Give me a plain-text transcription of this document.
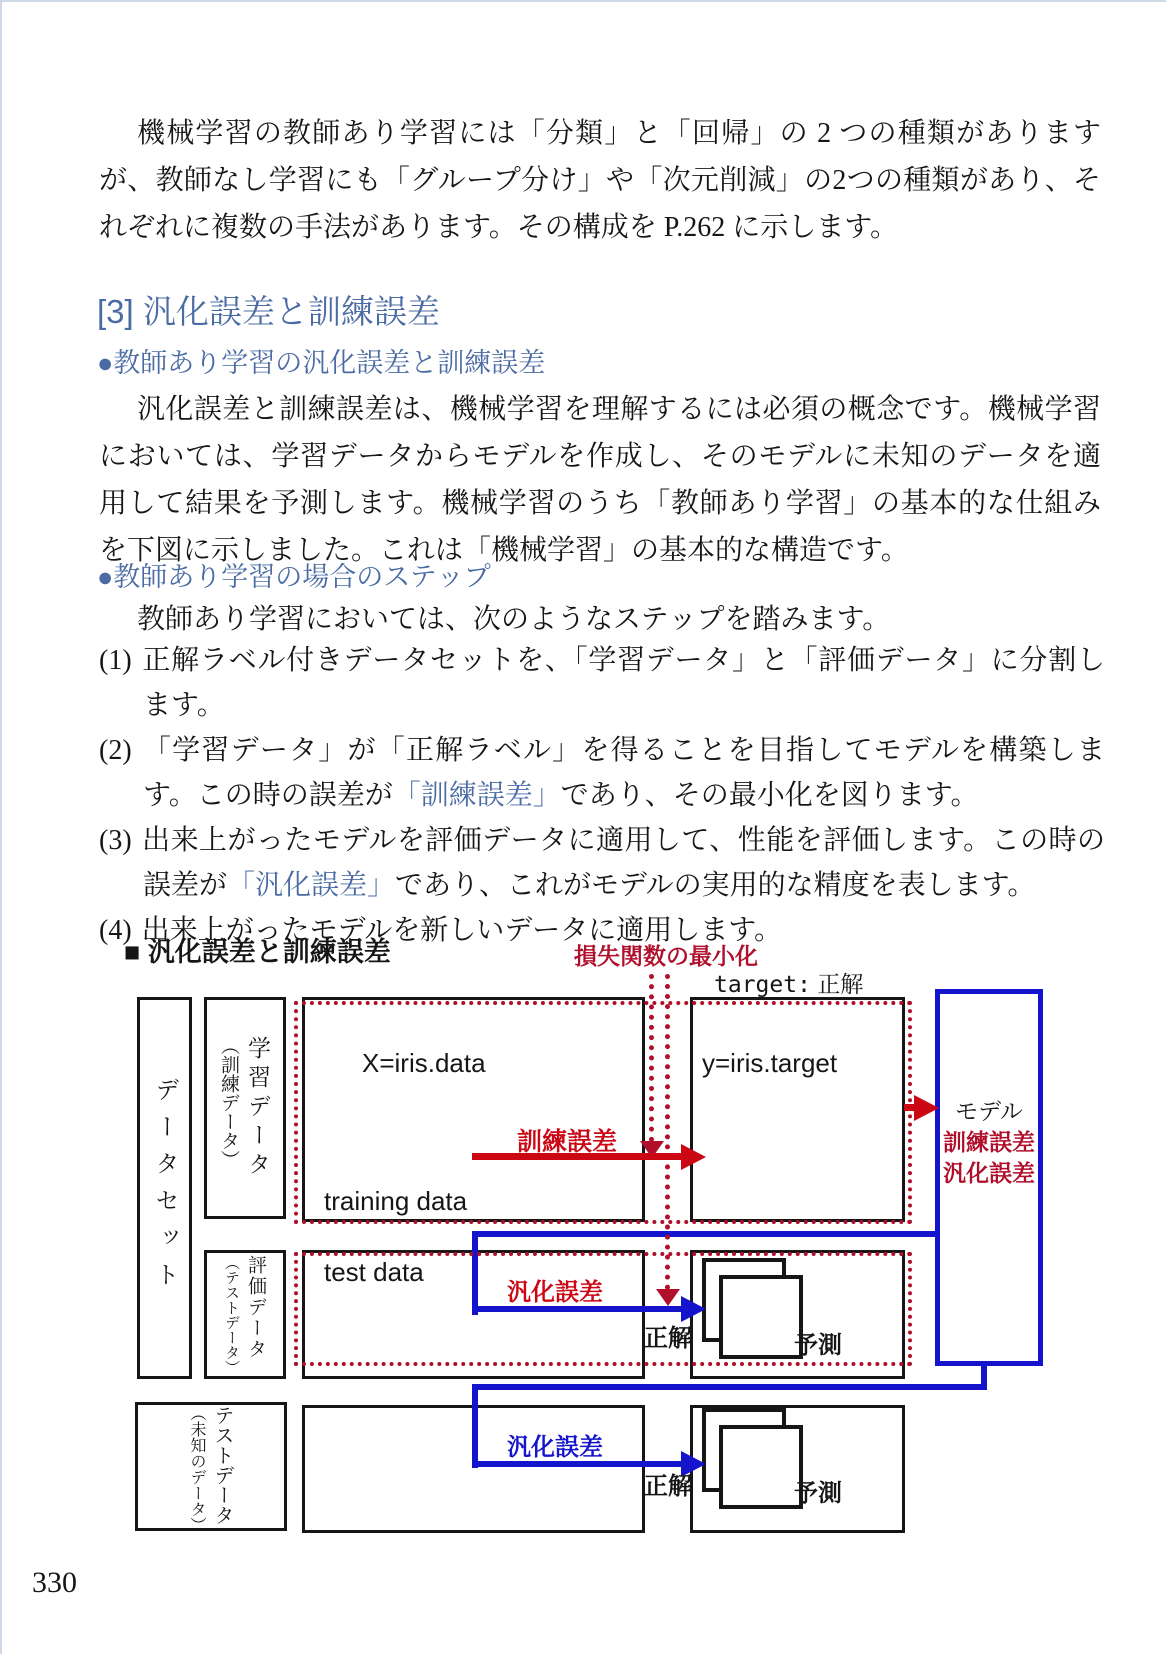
機械学習の教師あり学習には「分類」と「回帰」の 2 つの種類がありますが、教師なし学習にも「グループ分け」や「次元削減」の2つの種類があり、それぞれに複数の手法があります。その構成を P.262 に示します。
[3] 汎化誤差と訓練誤差
●教師あり学習の汎化誤差と訓練誤差
汎化誤差と訓練誤差は、機械学習を理解するには必須の概念です。機械学習においては、学習データからモデルを作成し、そのモデルに未知のデータを適用して結果を予測します。機械学習のうち「教師あり学習」の基本的な仕組みを下図に示しました。これは「機械学習」の基本的な構造です。
●教師あり学習の場合のステップ
教師あり学習においては、次のようなステップを踏みます。
(1) 正解ラベル付きデータセットを、「学習データ」と「評価データ」に分割します。
(2) 「学習データ」が「正解ラベル」を得ることを目指してモデルを構築します。この時の誤差が「訓練誤差」であり、その最小化を図ります。
(3) 出来上がったモデルを評価データに適用して、性能を評価します。この時の誤差が「汎化誤差」であり、これがモデルの実用的な精度を表します。
(4) 出来上がったモデルを新しいデータに適用します。
■ 汎化誤差と訓練誤差	損失関数の最小化
target: 正解
データセット	学習データ
（訓練データ）
評価データ
（テストデータ）
テストデータ
（未知のデータ）
X=iris.data	y=iris.target
training data
test data
モデル
訓練誤差
汎化誤差
訓練誤差
汎化誤差
汎化誤差
正解	予測
正解	予測
330
